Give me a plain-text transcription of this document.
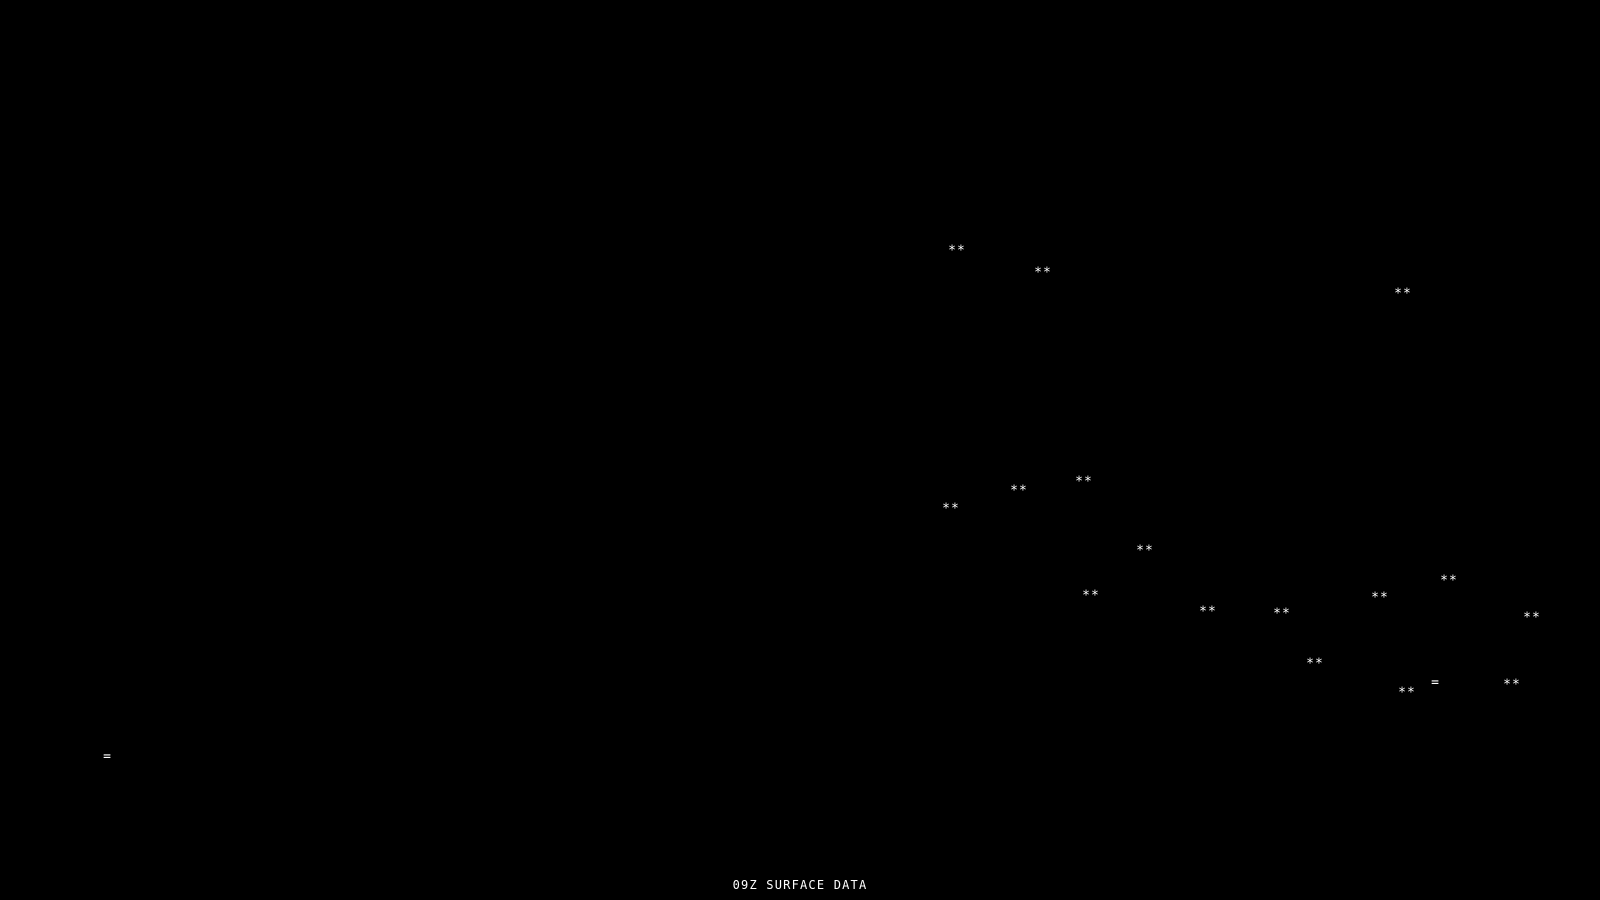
**
**
**
**
**
**
**
**
**	**
**	**	**
**
**
**
=
=
09Z SURFACE DATA
